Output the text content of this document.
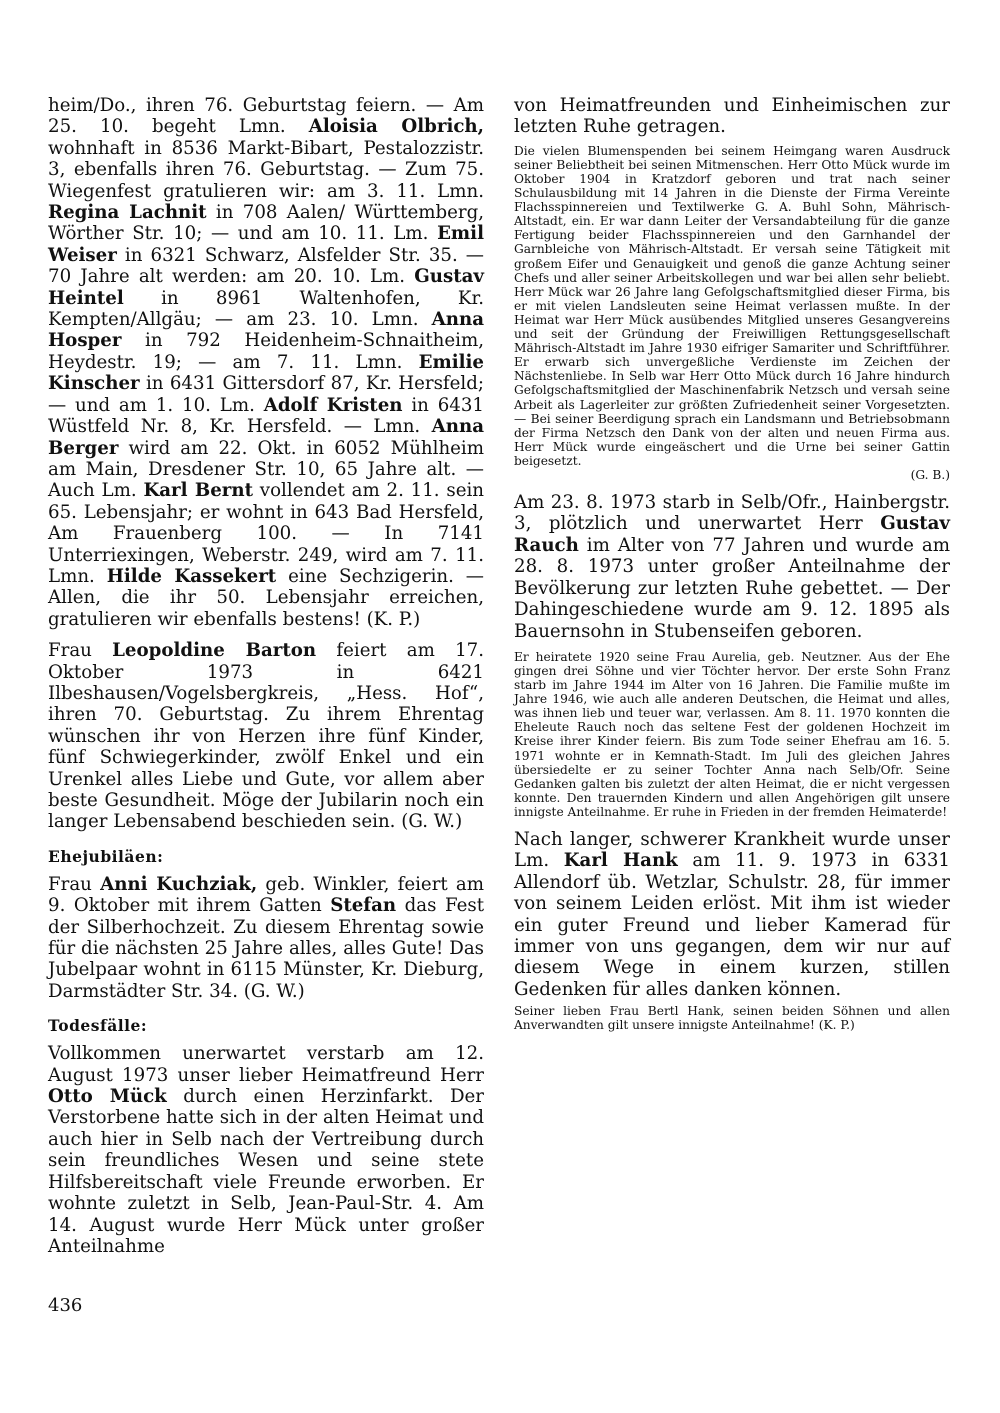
heim/Do., ihren 76. Geburtstag feiern. — Am 25. 10. begeht Lmn. Aloisia Olbrich, wohnhaft in 8536 Markt-Bibart, Pestalozzistr. 3, ebenfalls ihren 76. Geburtstag. — Zum 75. Wiegenfest gratulieren wir: am 3. 11. Lmn. Regina Lachnit in 708 Aalen/ Württemberg, Wörther Str. 10; — und am 10. 11. Lm. Emil Weiser in 6321 Schwarz, Alsfelder Str. 35. — 70 Jahre alt werden: am 20. 10. Lm. Gustav Heintel in 8961 Waltenhofen, Kr. Kempten/Allgäu; — am 23. 10. Lmn. Anna Hosper in 792 Heidenheim-Schnaitheim, Heydestr. 19; — am 7. 11. Lmn. Emilie Kinscher in 6431 Gittersdorf 87, Kr. Hersfeld; — und am 1. 10. Lm. Adolf Kristen in 6431 Wüstfeld Nr. 8, Kr. Hersfeld. — Lmn. Anna Berger wird am 22. Okt. in 6052 Mühlheim am Main, Dresdener Str. 10, 65 Jahre alt. — Auch Lm. Karl Bernt vollendet am 2. 11. sein 65. Lebensjahr; er wohnt in 643 Bad Hersfeld, Am Frauenberg 100. — In 7141 Unterriexingen, Weberstr. 249, wird am 7. 11. Lmn. Hilde Kassekert eine Sechzigerin. — Allen, die ihr 50. Lebensjahr erreichen, gratulieren wir ebenfalls bestens! (K. P.)

Frau Leopoldine Barton feiert am 17. Oktober 1973 in 6421 Ilbeshausen/Vogelsbergkreis, „Hess. Hof“, ihren 70. Geburtstag. Zu ihrem Ehrentag wünschen ihr von Herzen ihre fünf Kinder, fünf Schwiegerkinder, zwölf Enkel und ein Urenkel alles Liebe und Gute, vor allem aber beste Gesundheit. Möge der Jubilarin noch ein langer Lebensabend beschieden sein. (G. W.)

Ehejubiläen:

Frau Anni Kuchziak, geb. Winkler, feiert am 9. Oktober mit ihrem Gatten Stefan das Fest der Silberhochzeit. Zu diesem Ehrentag sowie für die nächsten 25 Jahre alles, alles Gute! Das Jubelpaar wohnt in 6115 Münster, Kr. Dieburg, Darmstädter Str. 34. (G. W.)

Todesfälle:

Vollkommen unerwartet verstarb am 12. August 1973 unser lieber Heimatfreund Herr Otto Mück durch einen Herzinfarkt. Der Verstorbene hatte sich in der alten Heimat und auch hier in Selb nach der Vertreibung durch sein freundliches Wesen und seine stete Hilfsbereitschaft viele Freunde erworben. Er wohnte zuletzt in Selb, Jean-Paul-Str. 4. Am 14. August wurde Herr Mück unter großer Anteilnahme

von Heimatfreunden und Einheimischen zur letzten Ruhe getragen.

Die vielen Blumenspenden bei seinem Heimgang waren Ausdruck seiner Beliebtheit bei seinen Mitmenschen. Herr Otto Mück wurde im Oktober 1904 in Kratzdorf geboren und trat nach seiner Schulausbildung mit 14 Jahren in die Dienste der Firma Vereinte Flachsspinnereien und Textilwerke G. A. Buhl Sohn, Mährisch-Altstadt, ein. Er war dann Leiter der Versandabteilung für die ganze Fertigung beider Flachsspinnereien und den Garnhandel der Garnbleiche von Mährisch-Altstadt. Er versah seine Tätigkeit mit großem Eifer und Genauigkeit und genoß die ganze Achtung seiner Chefs und aller seiner Arbeitskollegen und war bei allen sehr beliebt. Herr Mück war 26 Jahre lang Gefolgschaftsmitglied dieser Firma, bis er mit vielen Landsleuten seine Heimat verlassen mußte. In der Heimat war Herr Mück ausübendes Mitglied unseres Gesangvereins und seit der Gründung der Freiwilligen Rettungsgesellschaft Mährisch-Altstadt im Jahre 1930 eifriger Samariter und Schriftführer. Er erwarb sich unvergeßliche Verdienste im Zeichen der Nächstenliebe. In Selb war Herr Otto Mück durch 16 Jahre hindurch Gefolgschaftsmitglied der Maschinenfabrik Netzsch und versah seine Arbeit als Lagerleiter zur größten Zufriedenheit seiner Vorgesetzten. — Bei seiner Beerdigung sprach ein Landsmann und Betriebsobmann der Firma Netzsch den Dank von der alten und neuen Firma aus. Herr Mück wurde eingeäschert und die Urne bei seiner Gattin beigesetzt.

(G. B.)

Am 23. 8. 1973 starb in Selb/Ofr., Hainbergstr. 3, plötzlich und unerwartet Herr Gustav Rauch im Alter von 77 Jahren und wurde am 28. 8. 1973 unter großer Anteilnahme der Bevölkerung zur letzten Ruhe gebettet. — Der Dahingeschiedene wurde am 9. 12. 1895 als Bauernsohn in Stubenseifen geboren.

Er heiratete 1920 seine Frau Aurelia, geb. Neutzner. Aus der Ehe gingen drei Söhne und vier Töchter hervor. Der erste Sohn Franz starb im Jahre 1944 im Alter von 16 Jahren. Die Familie mußte im Jahre 1946, wie auch alle anderen Deutschen, die Heimat und alles, was ihnen lieb und teuer war, verlassen. Am 8. 11. 1970 konnten die Eheleute Rauch noch das seltene Fest der goldenen Hochzeit im Kreise ihrer Kinder feiern. Bis zum Tode seiner Ehefrau am 16. 5. 1971 wohnte er in Kemnath-Stadt. Im Juli des gleichen Jahres übersiedelte er zu seiner Tochter Anna nach Selb/Ofr. Seine Gedanken galten bis zuletzt der alten Heimat, die er nicht vergessen konnte. Den trauernden Kindern und allen Angehörigen gilt unsere innigste Anteilnahme. Er ruhe in Frieden in der fremden Heimaterde!

Nach langer, schwerer Krankheit wurde unser Lm. Karl Hank am 11. 9. 1973 in 6331 Allendorf üb. Wetzlar, Schulstr. 28, für immer von seinem Leiden erlöst. Mit ihm ist wieder ein guter Freund und lieber Kamerad für immer von uns gegangen, dem wir nur auf diesem Wege in einem kurzen, stillen Gedenken für alles danken können.

Seiner lieben Frau Bertl Hank, seinen beiden Söhnen und allen Anverwandten gilt unsere innigste Anteilnahme! (K. P.)

436
